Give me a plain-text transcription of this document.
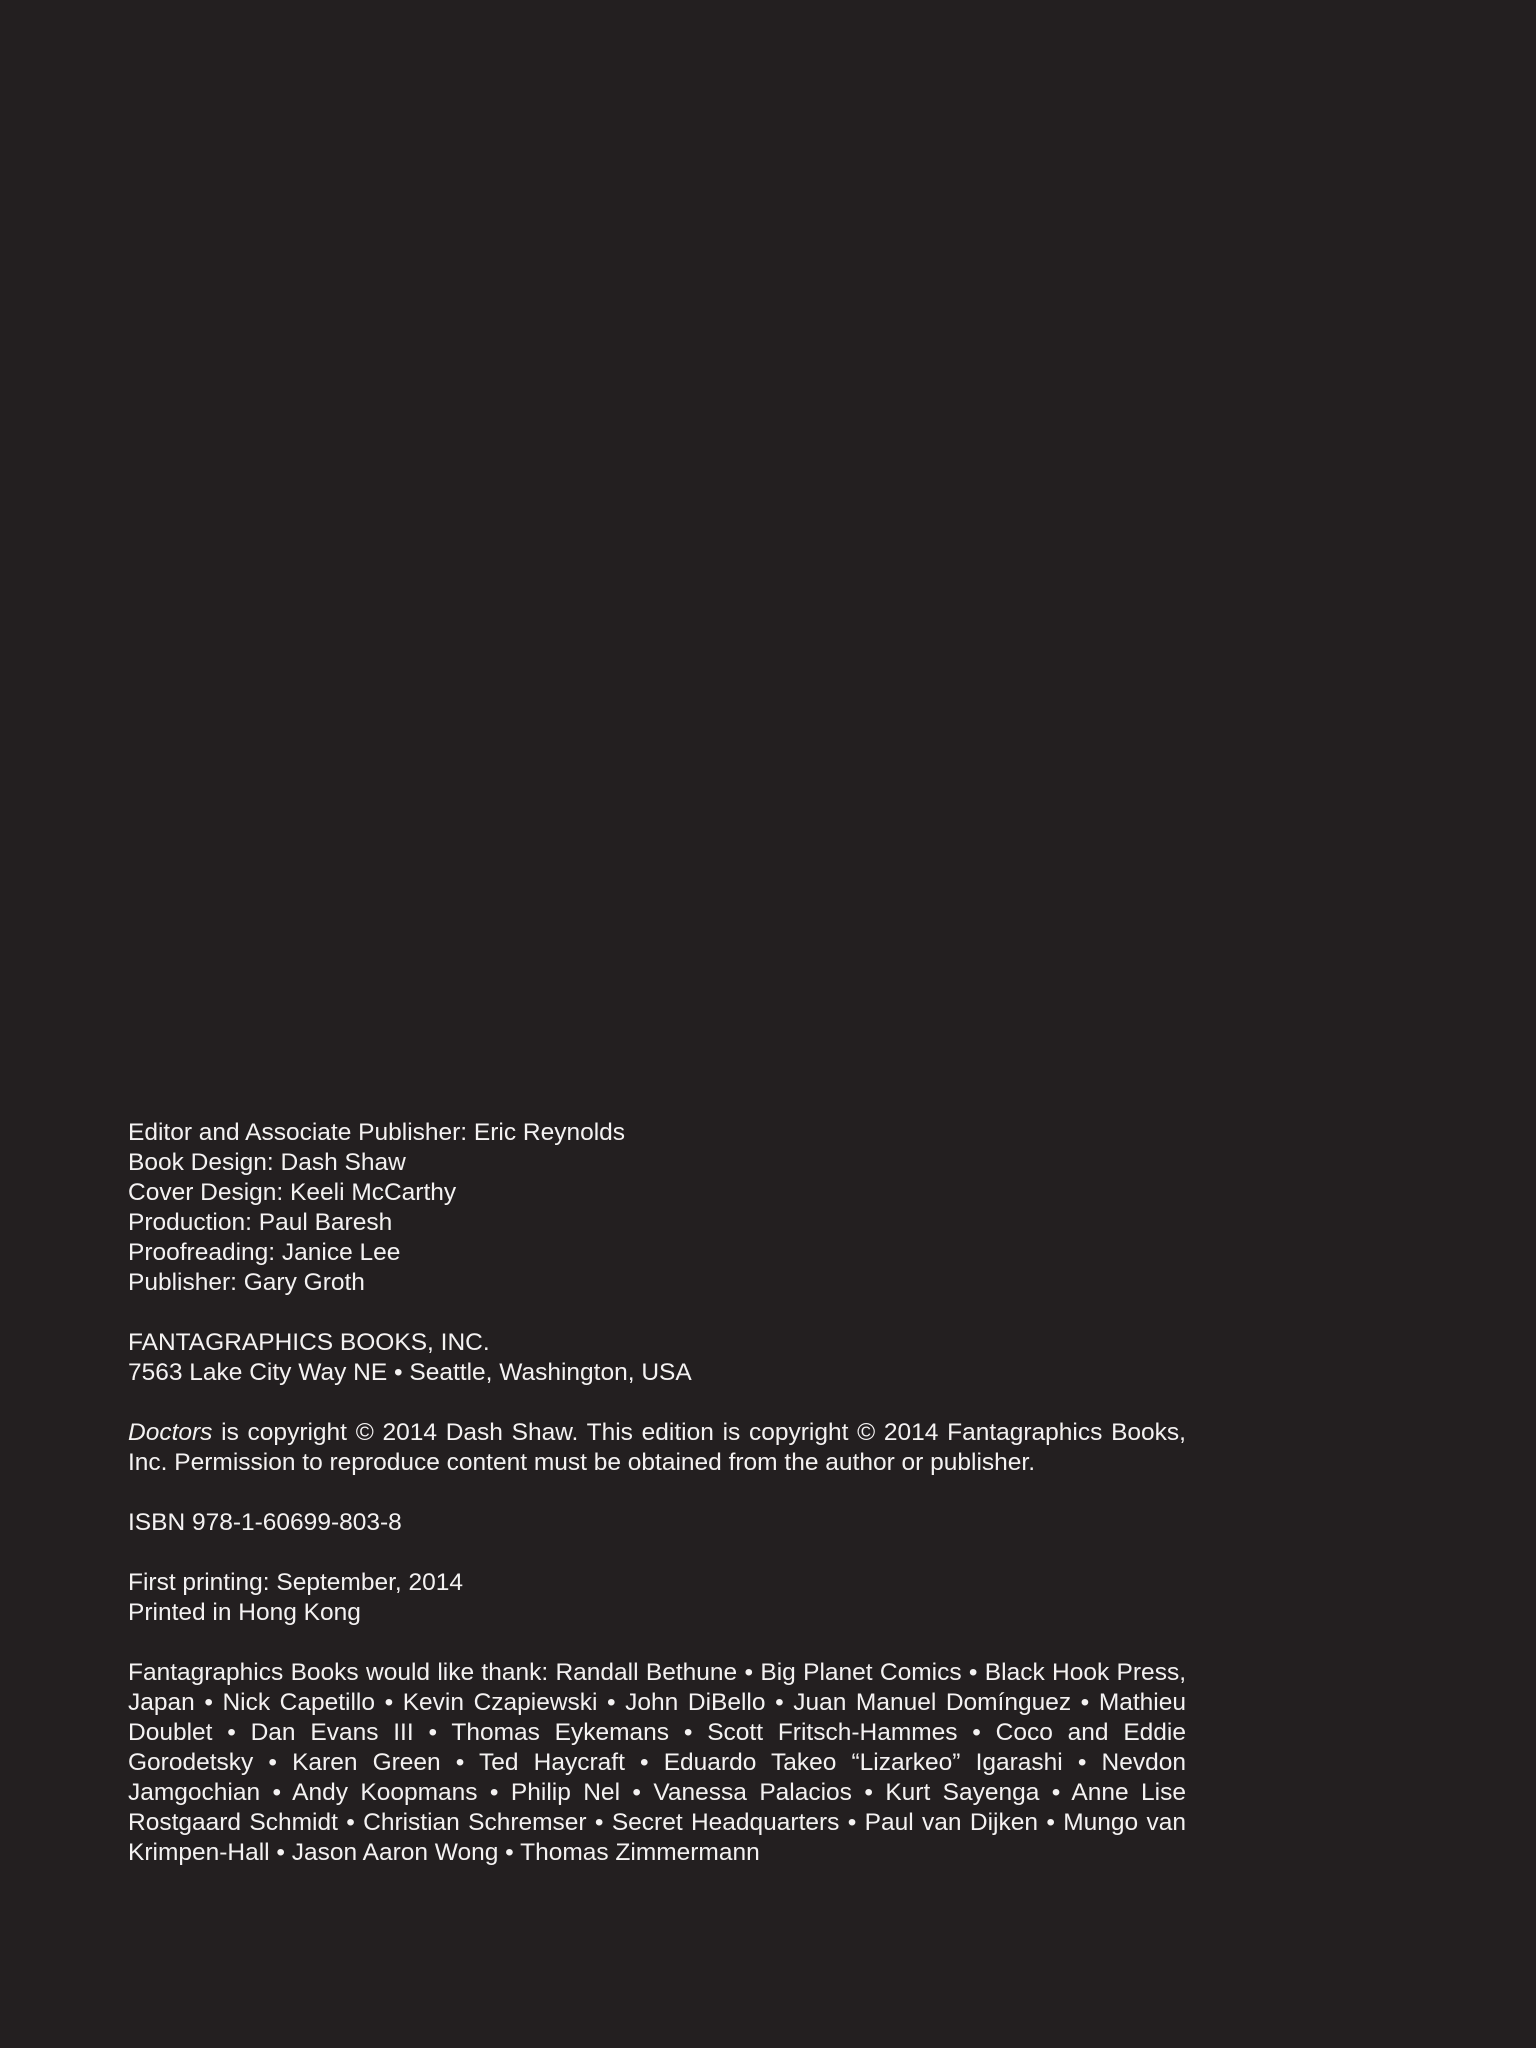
Editor and Associate Publisher: Eric Reynolds
Book Design: Dash Shaw
Cover Design: Keeli McCarthy
Production: Paul Baresh
Proofreading: Janice Lee
Publisher: Gary Groth
FANTAGRAPHICS BOOKS, INC.
7563 Lake City Way NE • Seattle, Washington, USA
Doctors is copyright © 2014 Dash Shaw. This edition is copyright © 2014 Fantagraphics Books, Inc. Permission to reproduce content must be obtained from the author or publisher.
ISBN 978-1-60699-803-8
First printing: September, 2014
Printed in Hong Kong
Fantagraphics Books would like thank: Randall Bethune • Big Planet Comics • Black Hook Press, Japan • Nick Capetillo • Kevin Czapiewski • John DiBello • Juan Manuel Domínguez • Mathieu Doublet • Dan Evans III • Thomas Eykemans • Scott Fritsch-Hammes • Coco and Eddie Gorodetsky • Karen Green • Ted Haycraft • Eduardo Takeo “Lizarkeo” Igarashi • Nevdon Jamgochian • Andy Koopmans • Philip Nel • Vanessa Palacios • Kurt Sayenga • Anne Lise Rostgaard Schmidt • Christian Schremser • Secret Headquarters • Paul van Dijken • Mungo van Krimpen-Hall • Jason Aaron Wong • Thomas Zimmermann
